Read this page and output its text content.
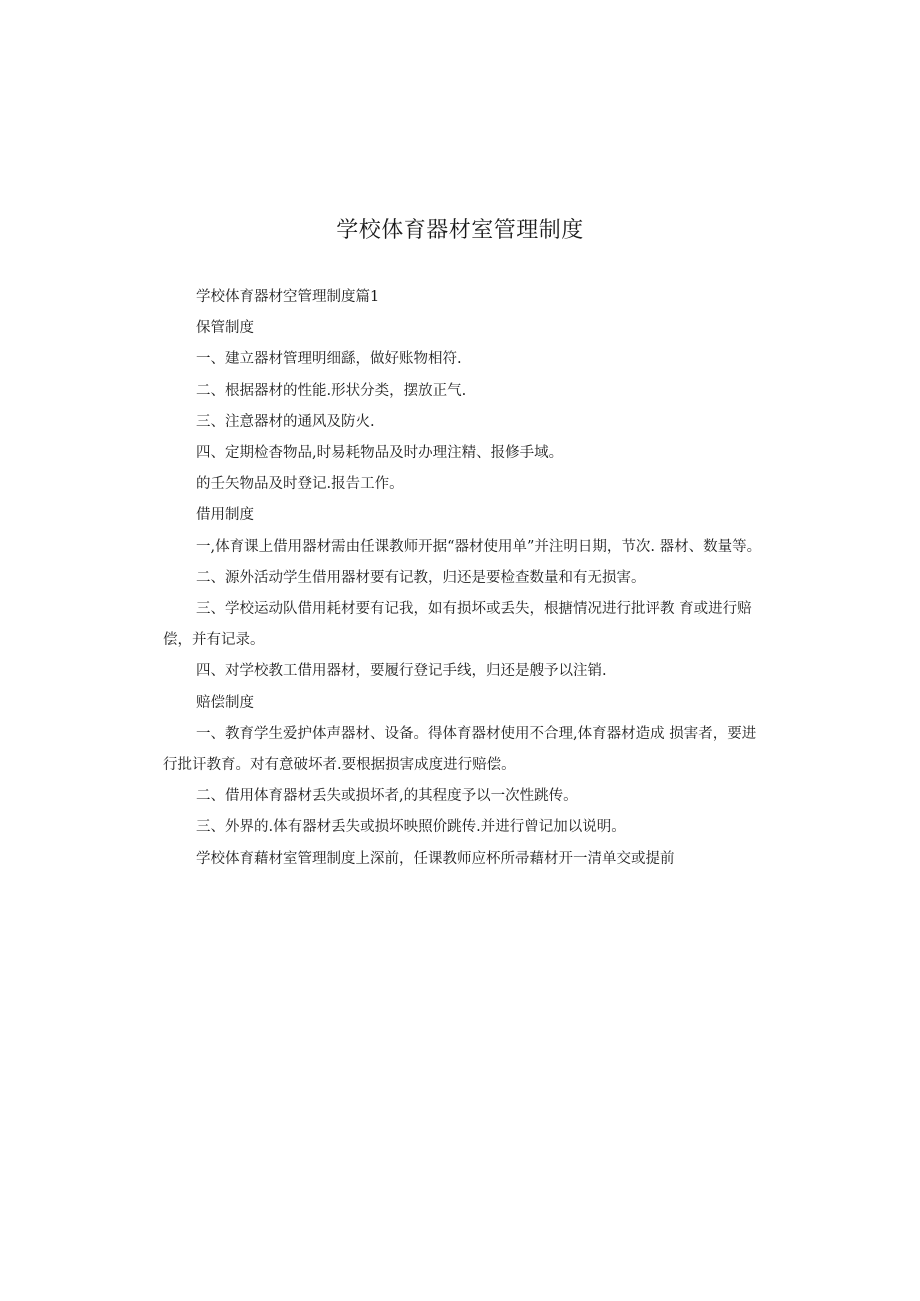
学校体育器材室管理制度

学校体育器材空管理制度篇1

保管制度

一、建立器材管理明细繇，做好账物相符.

二、根据器材的性能.形状分类，摆放正气.

三、注意器材的通风及防火.

四、定期检杳物品,时易耗物品及时办理注精、报修手域。

的壬矢物品及时登记.报告工作。

借用制度

一,体育课上借用器材需由任课教师开据“器材使用单”并注明日期，节次. 器材、数量等。

二、源外活动学生借用器材要有记教，归还是要检查数量和有无损害。

三、学校运动队借用耗材要有记我，如有损坏或丢失，根搪情况进行批评教 育或进行赔偿，并有记录。

四、对学校教工借用器材，要履行登记手线，归还是艘予以注销.

赔偿制度

一、教育学生爱护体声器材、设备。得体育器材使用不合理,体育器材造成 损害者，要进行批讦教育。对有意破坏者.要根据损害成度进行赔偿。

二、借用体育器材丢失或损坏者,的其程度予以一次性跳传。

三、外界的.体有器材丢失或损坏映照价跳传.并进行曾记加以说明。

学校体育藉材室管理制度上深前，任课教师应杯所帚藉材开一清单交或提前
